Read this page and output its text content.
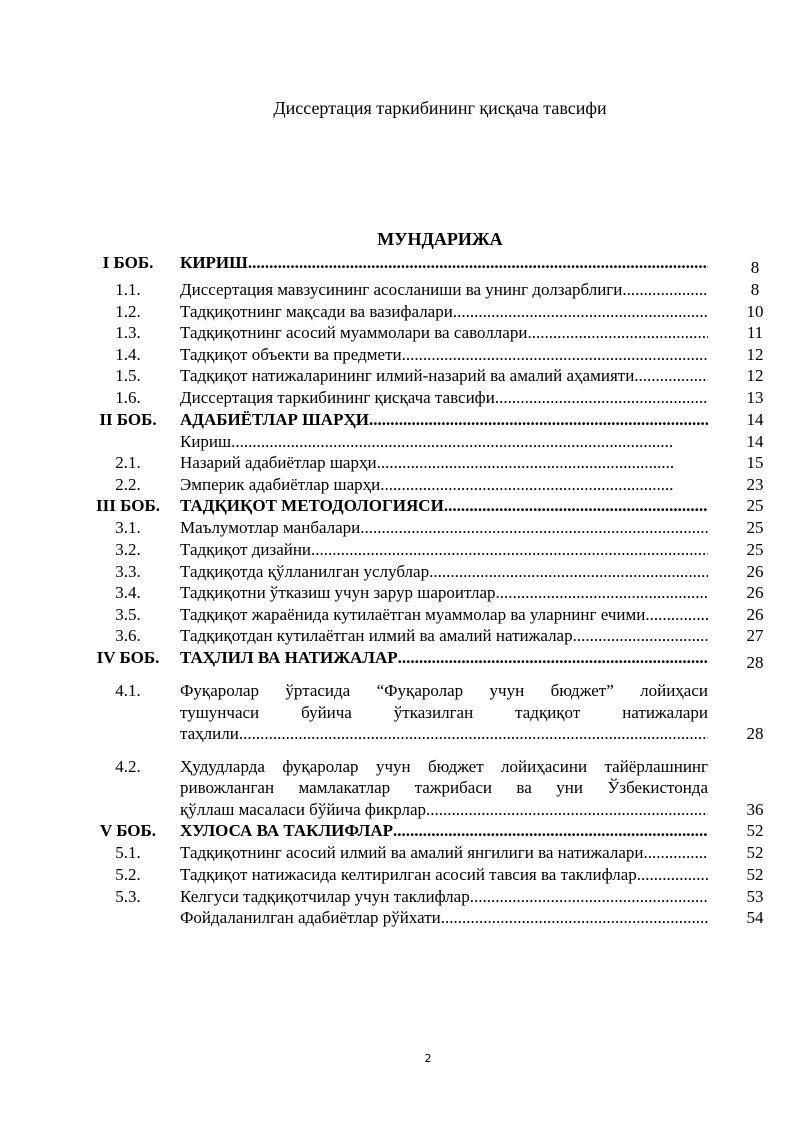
Диссертация таркибининг қисқача тавсифи
МУНДАРИЖА
I БОБ.	КИРИШ .....	8
1.1.	Диссертация мавзусининг асосланиши ва унинг долзарблиги .....	8
1.2.	Тадқиқотнинг мақсади ва вазифалари .....	10
1.3.	Тадқиқотнинг асосий муаммолари ва саволлари .....	11
1.4.	Тадқиқот объекти ва предмети .....	12
1.5.	Тадқиқот натижаларининг илмий-назарий ва амалий аҳамияти .....	12
1.6.	Диссертация таркибининг қисқача тавсифи .....	13
II БОБ.	АДАБИЁТЛАР ШАРҲИ .....	14
Кириш .....	14
2.1.	Назарий адабиётлар шарҳи .....	15
2.2.	Эмперик адабиётлар шарҳи .....	23
III БОБ.	ТАДҚИҚОТ МЕТОДОЛОГИЯСИ .....	25
3.1.	Маълумотлар манбалари .....	25
3.2.	Тадқиқот дизайни .....	25
3.3.	Тадқиқотда қўлланилган услублар .....	26
3.4.	Тадқиқотни ўтказиш учун зарур шароитлар .....	26
3.5.	Тадқиқот жараёнида кутилаётган муаммолар ва уларнинг ечими .....	26
3.6.	Тадқиқотдан кутилаётган илмий ва амалий натижалар .....	27
IV БОБ.	ТАҲЛИЛ ВА НАТИЖАЛАР .....	28
4.1.	Фуқаролар ўртасида “Фуқаролар учун бюджет” лойиҳаси
тушунчаси буйича ўтказилган тадқиқот натижалари
таҳлили .....	28
4.2.	Ҳудудларда фуқаролар учун бюджет лойиҳасини тайёрлашнинг
ривожланган мамлакатлар тажрибаси ва уни Ўзбекистонда
қўллаш масаласи бўйича фикрлар .....	36
V БОБ.	ХУЛОСА ВА ТАКЛИФЛАР .....	52
5.1.	Тадқиқотнинг асосий илмий ва амалий янгилиги ва натижалари .....	52
5.2.	Тадқиқот натижасида келтирилган асосий тавсия ва таклифлар .....	52
5.3.	Келгуси тадқиқотчилар учун таклифлар .....	53
Фойдаланилган адабиётлар рўйхати .....	54
2
